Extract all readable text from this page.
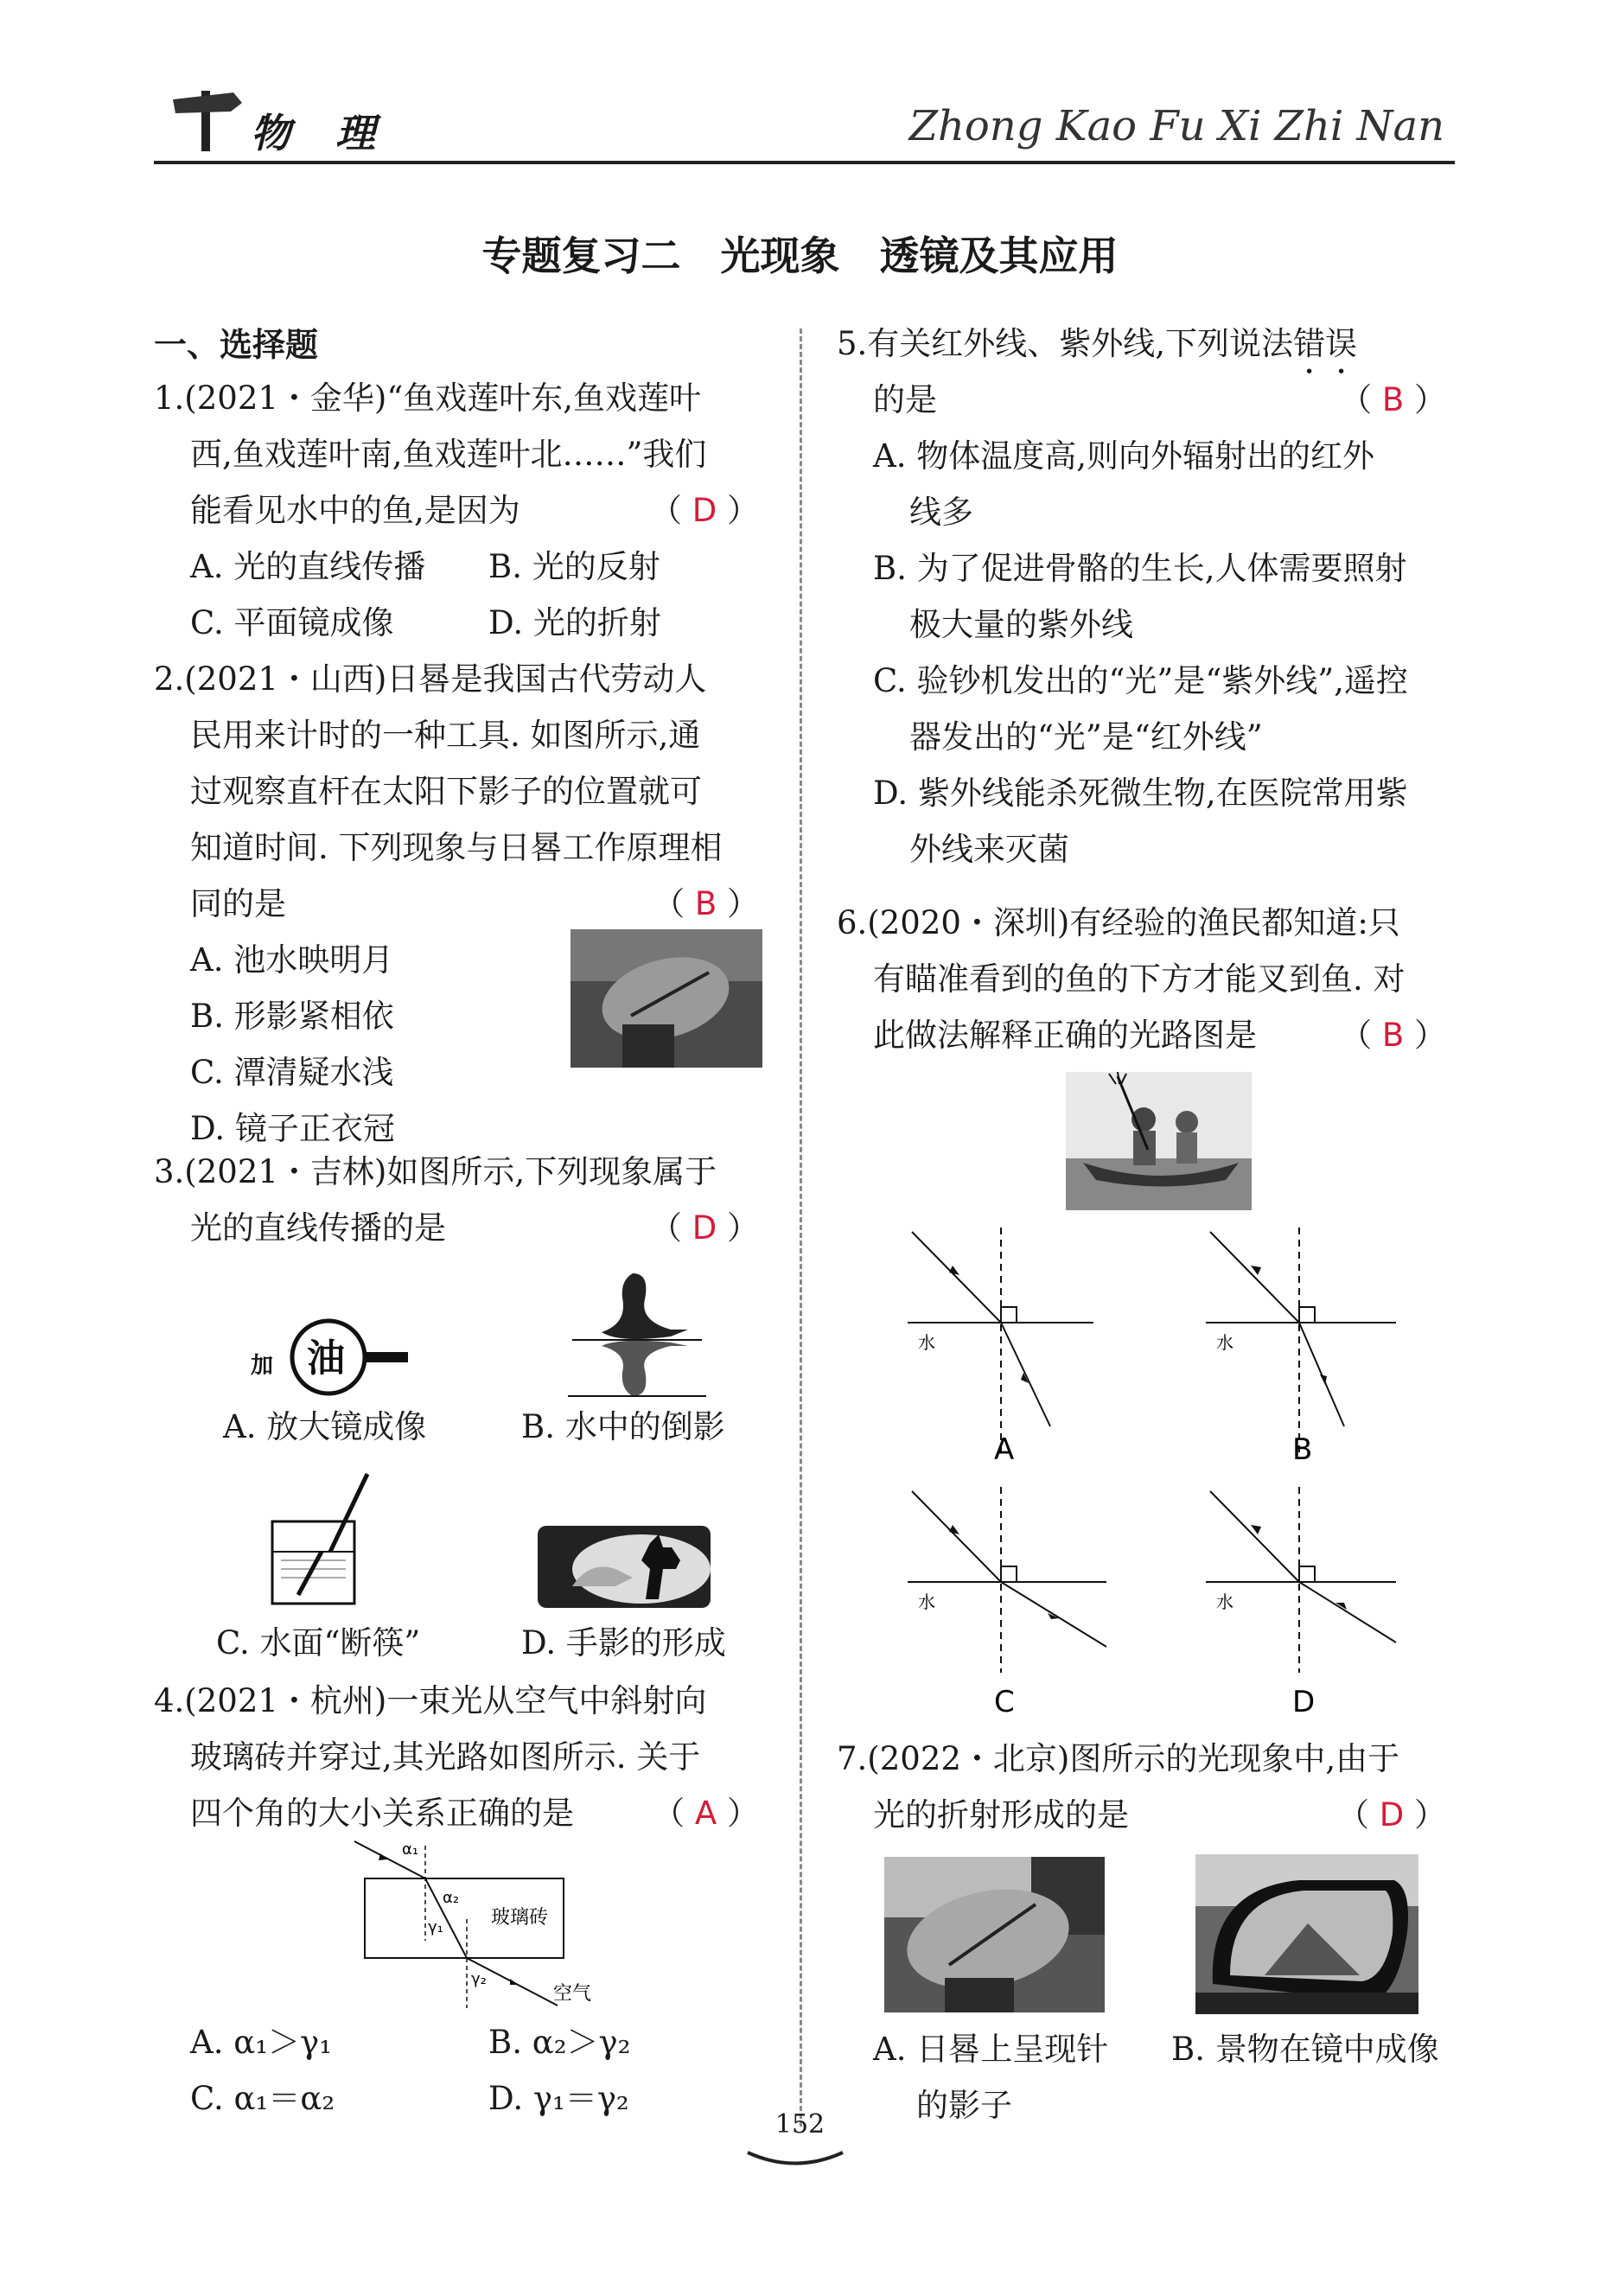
物 理	Zhong Kao Fu Xi Zhi Nan
专题复习二　光现象　透镜及其应用
一、选择题
1.(2021・金华)“鱼戏莲叶东,鱼戏莲叶
西,鱼戏莲叶南,鱼戏莲叶北……”我们
能看见水中的鱼,是因为	（ D ）
A. 光的直线传播 B. 光的反射
C. 平面镜成像	D. 光的折射
2.(2021・山西)日晷是我国古代劳动人
民用来计时的一种工具. 如图所示,通
过观察直杆在太阳下影子的位置就可
知道时间. 下列现象与日晷工作原理相
同的是	（ B ）
A. 池水映明月
B. 形影紧相依
C. 潭清疑水浅
D. 镜子正衣冠
3.(2021・吉林)如图所示,下列现象属于
光的直线传播的是	（ D ）
加 油
A. 放大镜成像	B. 水中的倒影
C. 水面“断筷”	D. 手影的形成
4.(2021・杭州)一束光从空气中斜射向
玻璃砖并穿过,其光路如图所示. 关于
四个角的大小关系正确的是 （ A ）
α₁
α₂
γ₁
γ₂
玻璃砖
空气
A. α₁＞γ₁	B. α₂＞γ₂
C. α₁＝α₂	D. γ₁＝γ₂
5.有关红外线、紫外线,下列说法错误
的是	（ B ）
A. 物体温度高,则向外辐射出的红外
线多
B. 为了促进骨骼的生长,人体需要照射
极大量的紫外线
C. 验钞机发出的“光”是“紫外线”,遥控
器发出的“光”是“红外线”
D. 紫外线能杀死微生物,在医院常用紫
外线来灭菌
6.(2020・深圳)有经验的渔民都知道:只
有瞄准看到的鱼的下方才能叉到鱼. 对
此做法解释正确的光路图是	（ B ）
水
A
水
B
水
C
水
D
7.(2022・北京)图所示的光现象中,由于
光的折射形成的是	（ D ）
A. 日晷上呈现针
的影子
B. 景物在镜中成像
152
